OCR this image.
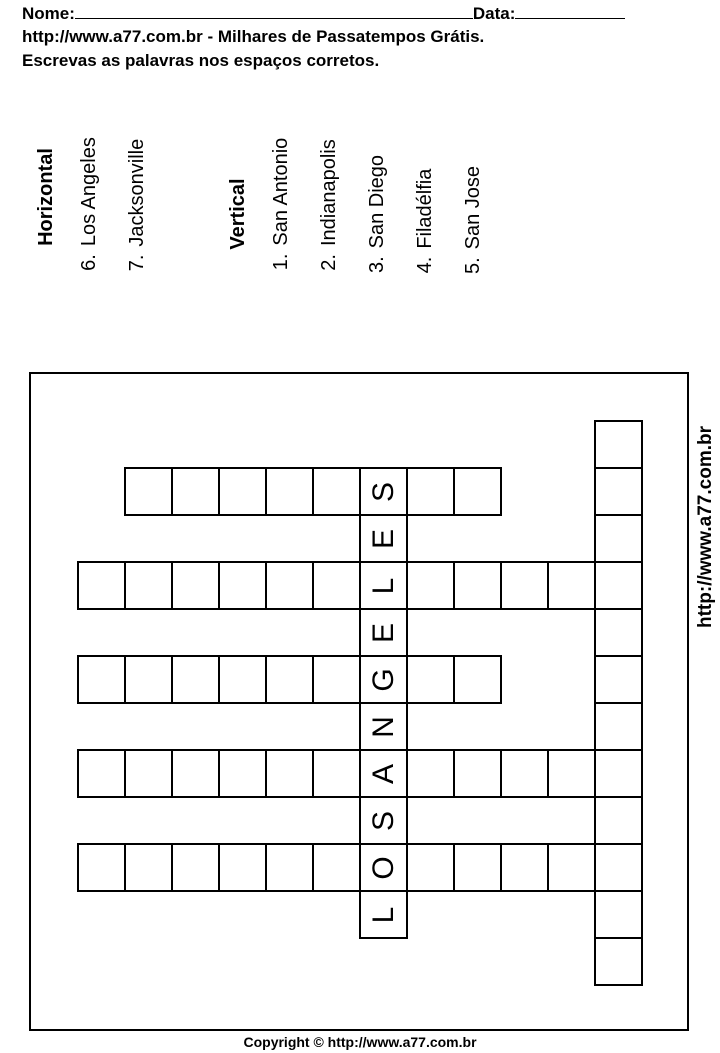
Nome:	Data:
http://www.a77.com.br - Milhares de Passatempos Grátis.
Escrevas as palavras nos espaços corretos.
Horizontal
6.Los Angeles
7.Jacksonville	Vertical
1.San Antonio
2.Indianapolis
3.San Diego
4.Filadélfia
5.San Jose
L
O
S
A
N
G
E
L
E
S	http://www.a77.com.br
Copyright © http://www.a77.com.br
